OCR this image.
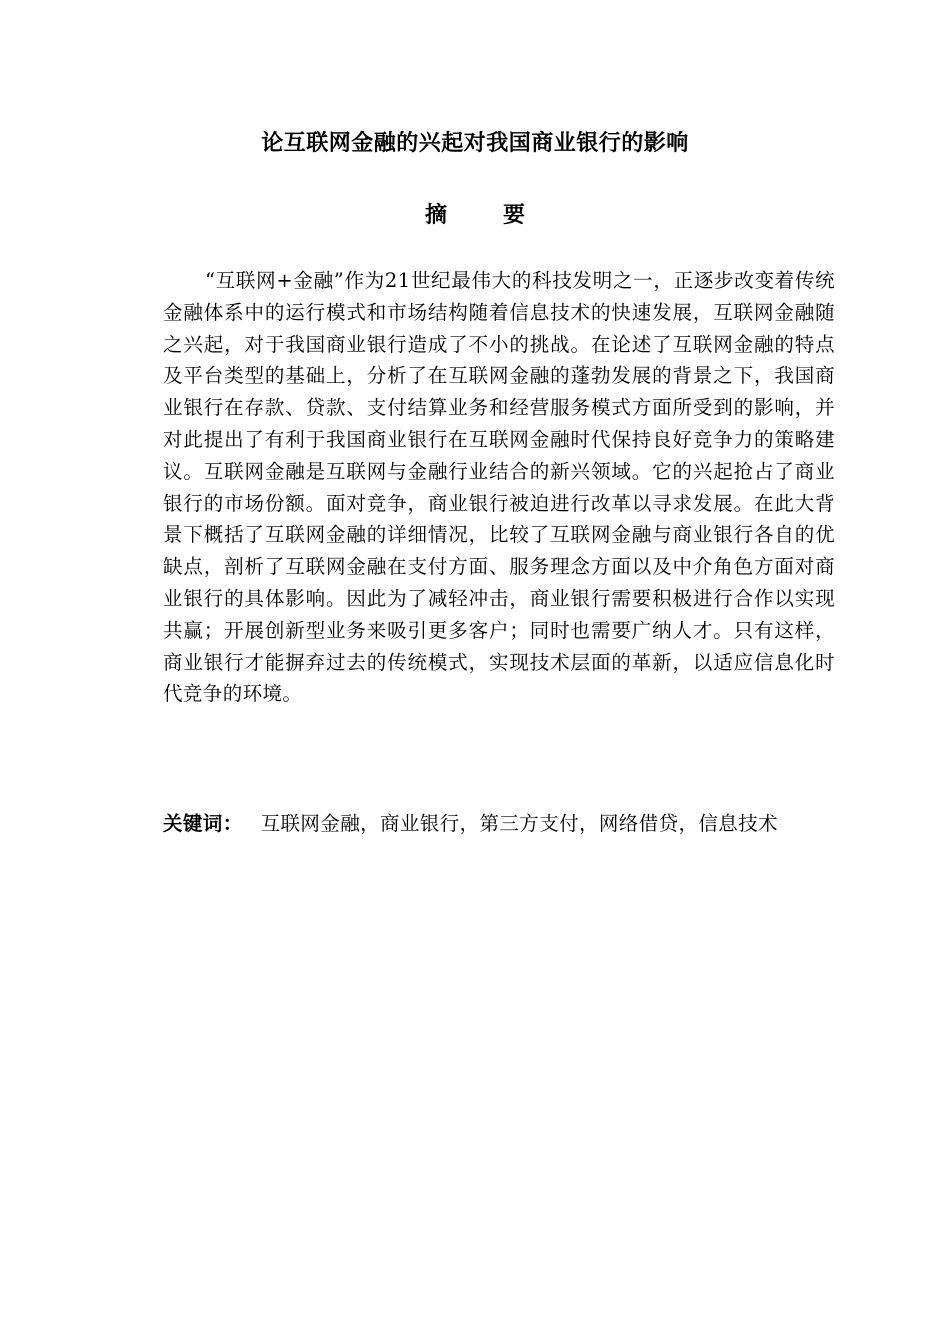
论互联网金融的兴起对我国商业银行的影响
摘	要

“互联网+金融”作为21世纪最伟大的科技发明之一，正逐步改变着传统金融体系中的运行模式和市场结构随着信息技术的快速发展，互联网金融随之兴起，对于我国商业银行造成了不小的挑战。在论述了互联网金融的特点及平台类型的基础上，分析了在互联网金融的蓬勃发展的背景之下，我国商业银行在存款、贷款、支付结算业务和经营服务模式方面所受到的影响，并对此提出了有利于我国商业银行在互联网金融时代保持良好竞争力的策略建议。互联网金融是互联网与金融行业结合的新兴领域。它的兴起抢占了商业银行的市场份额。面对竞争，商业银行被迫进行改革以寻求发展。在此大背景下概括了互联网金融的详细情况，比较了互联网金融与商业银行各自的优缺点，剖析了互联网金融在支付方面、服务理念方面以及中介角色方面对商业银行的具体影响。因此为了减轻冲击，商业银行需要积极进行合作以实现共赢；开展创新型业务来吸引更多客户；同时也需要广纳人才。只有这样，商业银行才能摒弃过去的传统模式，实现技术层面的革新，以适应信息化时代竞争的环境。

关键词： 互联网金融，商业银行，第三方支付，网络借贷，信息技术
